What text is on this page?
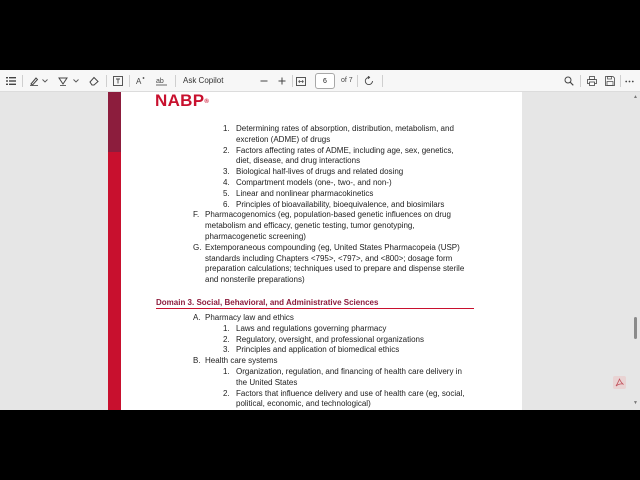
A ab Ask Copilot	6	of 7
NABP®
1. Determining rates of absorption, distribution, metabolism, and
excretion (ADME) of drugs
2. Factors affecting rates of ADME, including age, sex, genetics,
diet, disease, and drug interactions
3. Biological half-lives of drugs and related dosing
4. Compartment models (one-, two-, and non-)
5. Linear and nonlinear pharmacokinetics
6. Principles of bioavailability, bioequivalence, and biosimilars
F. Pharmacogenomics (eg, population-based genetic influences on drug
metabolism and efficacy, genetic testing, tumor genotyping,
pharmacogenetic screening)
G. Extemporaneous compounding (eg, United States Pharmacopeia (USP)
standards including Chapters <795>, <797>, and <800>; dosage form
preparation calculations; techniques used to prepare and dispense sterile
and nonsterile preparations)
Domain 3. Social, Behavioral, and Administrative Sciences
A. Pharmacy law and ethics
1. Laws and regulations governing pharmacy
2. Regulatory, oversight, and professional organizations
3. Principles and application of biomedical ethics
B. Health care systems
1. Organization, regulation, and financing of health care delivery in
the United States
2. Factors that influence delivery and use of health care (eg, social,
political, economic, and technological)
▲
▼
